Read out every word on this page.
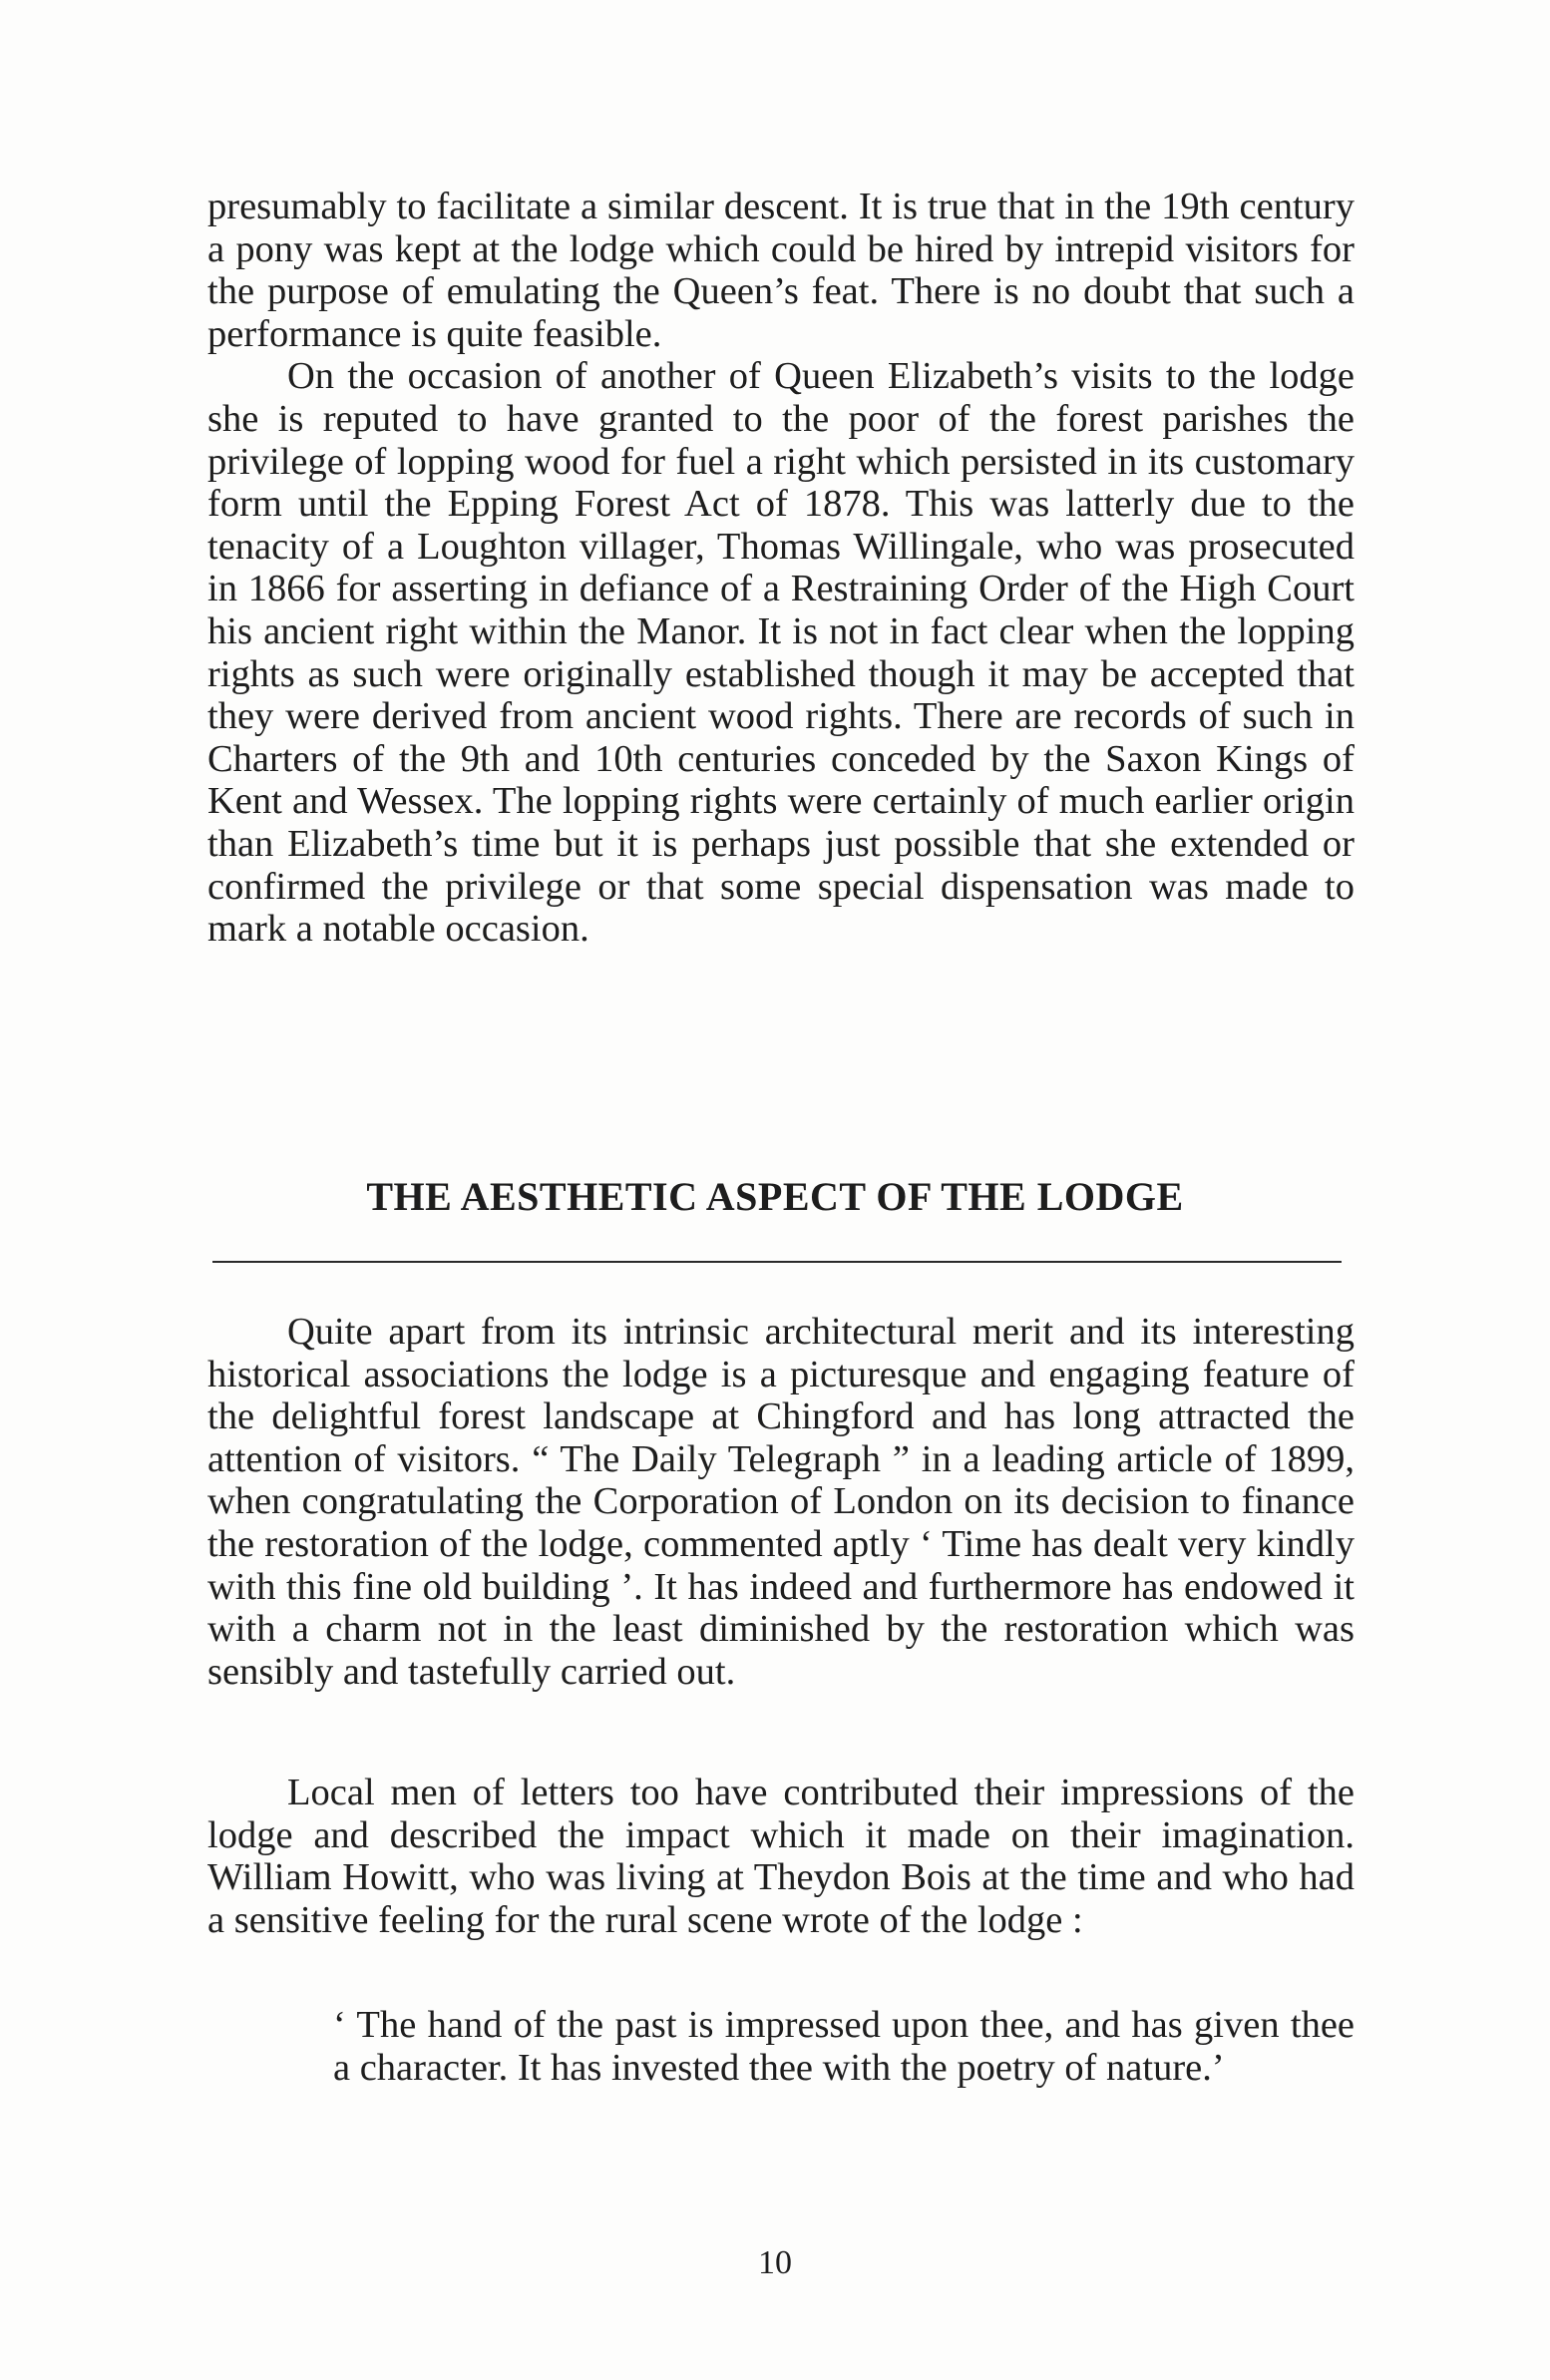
presumably to facilitate a similar descent. It is true that in the 19th century a pony was kept at the lodge which could be hired by intrepid visitors for the purpose of emulating the Queen’s feat. There is no doubt that such a performance is quite feasible.

On the occasion of another of Queen Elizabeth’s visits to the lodge she is reputed to have granted to the poor of the forest parishes the privilege of lopping wood for fuel a right which persisted in its customary form until the Epping Forest Act of 1878. This was latterly due to the tenacity of a Loughton villager, Thomas Willingale, who was prosecuted in 1866 for asserting in defiance of a Restraining Order of the High Court his ancient right within the Manor. It is not in fact clear when the lopping rights as such were originally established though it may be accepted that they were derived from ancient wood rights. There are records of such in Charters of the 9th and 10th centuries conceded by the Saxon Kings of Kent and Wessex. The lopping rights were certainly of much earlier origin than Elizabeth’s time but it is perhaps just possible that she extended or confirmed the privilege or that some special dispensation was made to mark a notable occasion.

THE AESTHETIC ASPECT OF THE LODGE

Quite apart from its intrinsic architectural merit and its interesting historical associations the lodge is a picturesque and engaging feature of the delightful forest landscape at Chingford and has long attracted the attention of visitors. “ The Daily Telegraph ” in a leading article of 1899, when congratulating the Corporation of London on its decision to finance the restoration of the lodge, commented aptly ‘ Time has dealt very kindly with this fine old building ’. It has indeed and furthermore has endowed it with a charm not in the least diminished by the restoration which was sensibly and tastefully carried out.

Local men of letters too have contributed their impressions of the lodge and described the impact which it made on their imagination. William Howitt, who was living at Theydon Bois at the time and who had a sensitive feeling for the rural scene wrote of the lodge :

‘ The hand of the past is impressed upon thee, and has given thee a character. It has invested thee with the poetry of nature.’

10
